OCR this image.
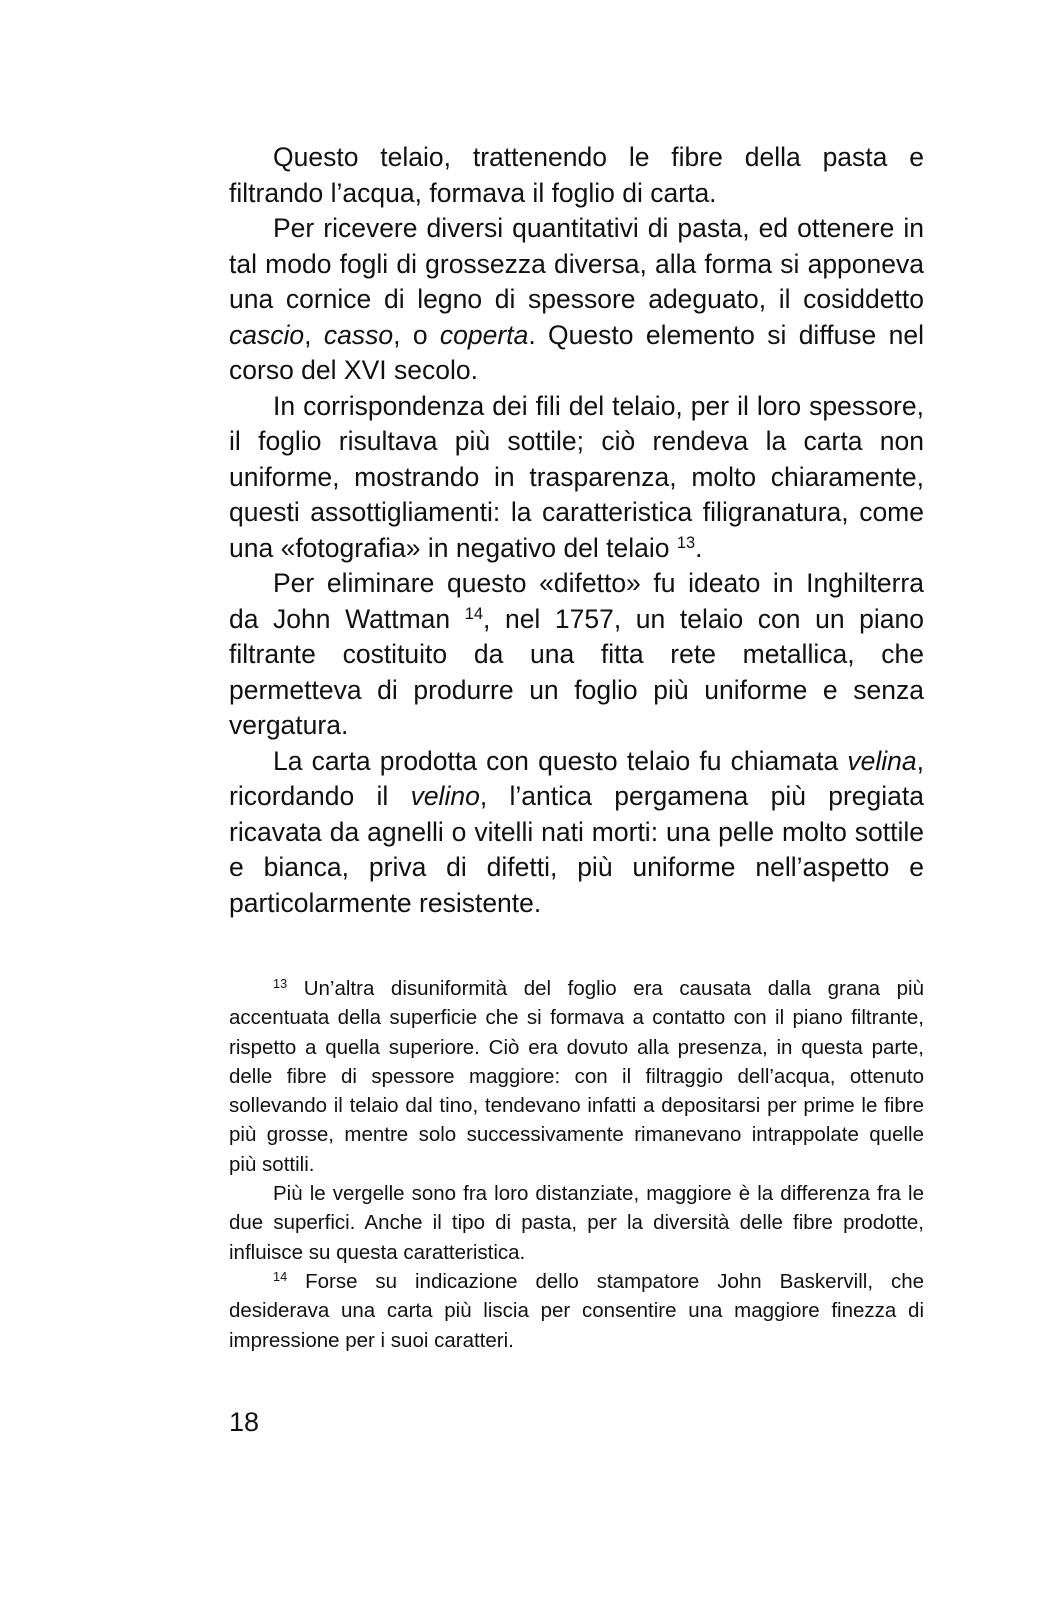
Questo telaio, trattenendo le fibre della pasta e filtrando l’acqua, formava il foglio di carta.

Per ricevere diversi quantitativi di pasta, ed ottenere in tal modo fogli di grossezza diversa, alla forma si apponeva una cornice di legno di spessore adeguato, il cosiddetto cascio, casso, o coperta. Questo elemento si diffuse nel corso del XVI secolo.

In corrispondenza dei fili del telaio, per il loro spessore, il foglio risultava più sottile; ciò rendeva la carta non uniforme, mostrando in trasparenza, molto chiaramente, questi assottigliamenti: la caratteristica filigranatura, come una «fotografia» in negativo del telaio $^{13}$.

Per eliminare questo «difetto» fu ideato in Inghilterra da John Wattman $^{14}$, nel 1757, un telaio con un piano filtrante costituito da una fitta rete metallica, che permetteva di produrre un foglio più uniforme e senza vergatura.

La carta prodotta con questo telaio fu chiamata velina, ricordando il velino, l’antica pergamena più pregiata ricavata da agnelli o vitelli nati morti: una pelle molto sottile e bianca, priva di difetti, più uniforme nell’aspetto e particolarmente resistente.

$^{13}$ Un’altra disuniformità del foglio era causata dalla grana più accentuata della superficie che si formava a contatto con il piano filtrante, rispetto a quella superiore. Ciò era dovuto alla presenza, in questa parte, delle fibre di spessore maggiore: con il filtraggio dell’acqua, ottenuto sollevando il telaio dal tino, tendevano infatti a depositarsi per prime le fibre più grosse, mentre solo successivamente rimanevano intrappolate quelle più sottili.

Più le vergelle sono fra loro distanziate, maggiore è la differenza fra le due superfici. Anche il tipo di pasta, per la diversità delle fibre prodotte, influisce su questa caratteristica.

$^{14}$ Forse su indicazione dello stampatore John Baskervill, che desiderava una carta più liscia per consentire una maggiore finezza di impressione per i suoi caratteri.

18
